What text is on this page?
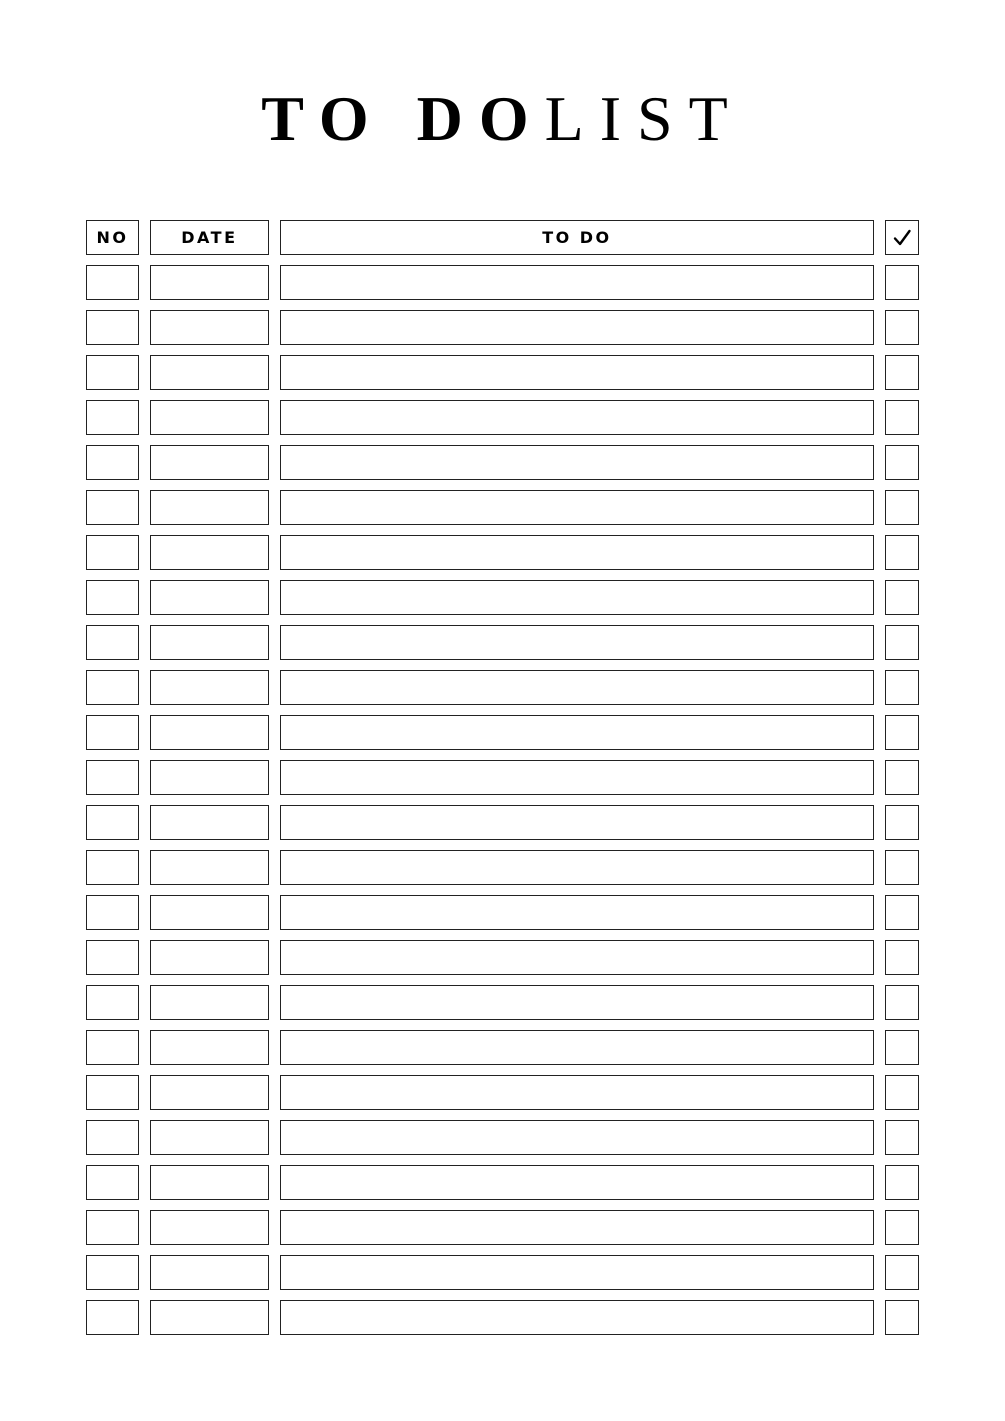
TO DOLIST
NO	DATE	TO DO
